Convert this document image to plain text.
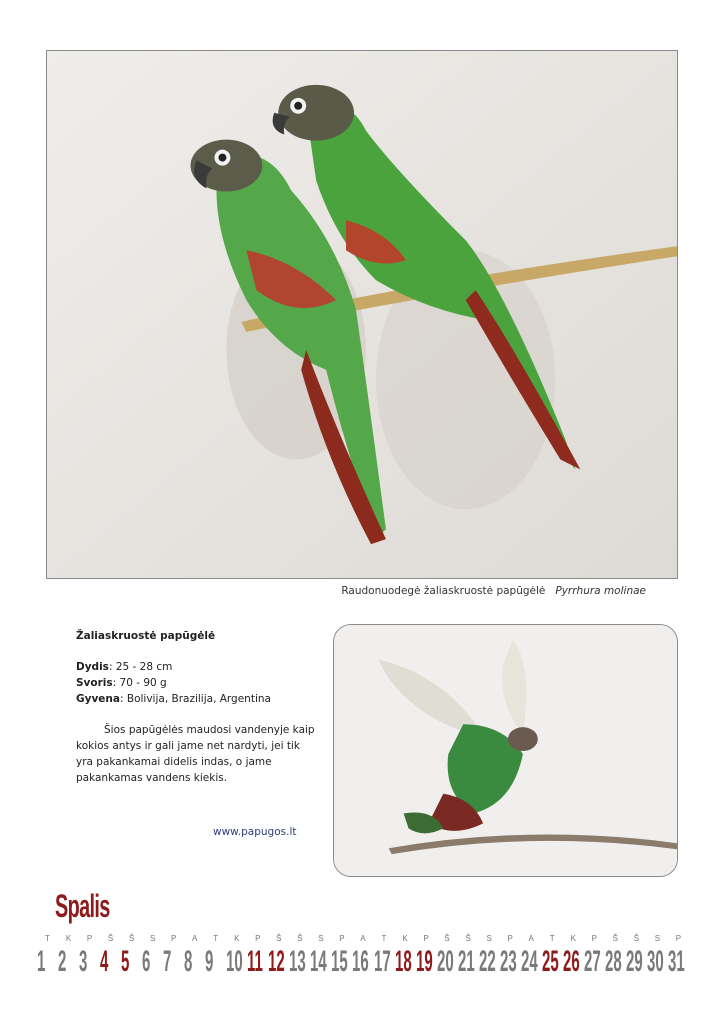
Raudonuodegė žaliaskruostė papūgėlė Pyrrhura molinae
Žaliaskruostė papūgėlė
Dydis: 25 - 28 cm
Svoris: 70 - 90 g
Gyvena: Bolivija, Brazilija, Argentina

Šios papūgėlės maudosi vandenyje kaip kokios antys ir gali jame net nardyti, jei tik yra pakankamai didelis indas, o jame pakankamas vandens kiekis.

www.papugos.lt
Spalis
T	K	P	Š	Š	S	P	A	T	K	P	Š	Š	S	P	A	T	K	P	Š	Š	S	P	A	T	K	P	Š	Š	S	P
1 2 3 4 5 6 7 8 9 10 11 12 13 14 15 16 17 18 19 20 21 22 23 24 25 26 27 28 29 30 31
